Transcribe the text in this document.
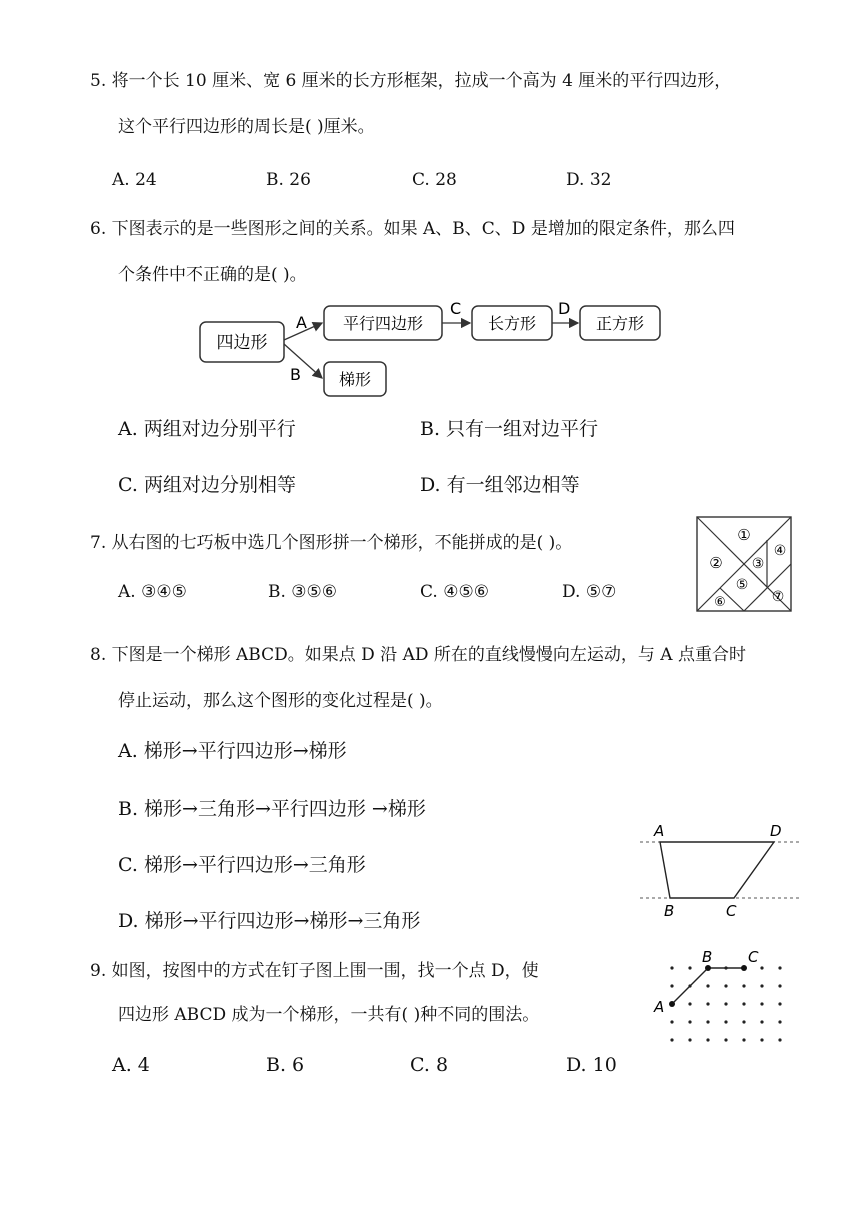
5. 将一个长 10 厘米、宽 6 厘米的长方形框架，拉成一个高为 4 厘米的平行四边形，
这个平行四边形的周长是( )厘米。
A. 24	B. 26	C. 28	D. 32
6. 下图表示的是一些图形之间的关系。如果 A、B、C、D 是增加的限定条件，那么四
个条件中不正确的是( )。
四边形
平行四边形	长方形	正方形
梯形
A
B
C	D
A. 两组对边分别平行	B. 只有一组对边平行
C. 两组对边分别相等	D. 有一组邻边相等
7. 从右图的七巧板中选几个图形拼一个梯形，不能拼成的是( )。
A. ③④⑤	B. ③⑤⑥	C. ④⑤⑥	D. ⑤⑦
①
② ③
④
⑤
⑥	⑦
8. 下图是一个梯形 ABCD。如果点 D 沿 AD 所在的直线慢慢向左运动，与 A 点重合时
停止运动，那么这个图形的变化过程是( )。
A. 梯形→平行四边形→梯形
B. 梯形→三角形→平行四边形 →梯形
C. 梯形→平行四边形→三角形
D. 梯形→平行四边形→梯形→三角形
A	D
B	C
9. 如图，按图中的方式在钉子图上围一围，找一个点 D，使
四边形 ABCD 成为一个梯形，一共有( )种不同的围法。
A. 4	B. 6	C. 8	D. 10
A
B C
